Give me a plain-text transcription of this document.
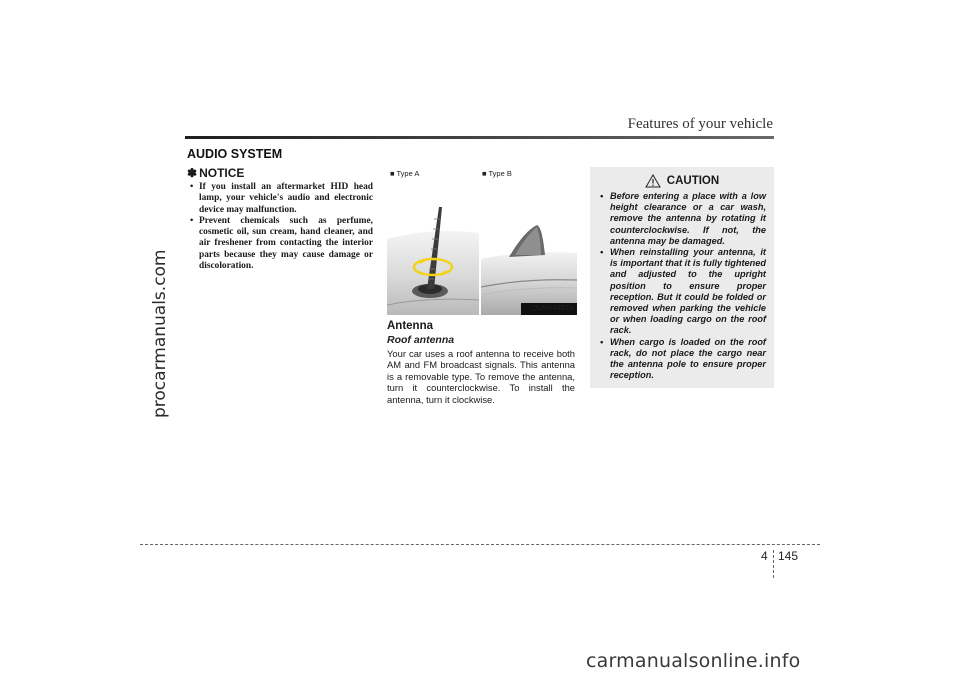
procarmanuals.com
Features of your vehicle
AUDIO SYSTEM
✽ NOTICE
• If you install an aftermarket HID head lamp, your vehicle's audio and electronic device may malfunction.
• Prevent chemicals such as perfume, cosmetic oil, sun cream, hand cleaner, and air freshener from contacting the interior parts because they may cause damage or discoloration.
■ Type A	■ Type B
OLM043373
Antenna
Roof antenna

Your car uses a roof antenna to receive both AM and FM broadcast signals. This antenna is a removable type. To remove the antenna, turn it counterclockwise. To install the antenna, turn it clockwise.

CAUTION
• Before entering a place with a low height clearance or a car wash, remove the antenna by rotating it counterclockwise. If not, the antenna may be damaged.
• When reinstalling your antenna, it is important that it is fully tightened and adjusted to the upright position to ensure proper reception. But it could be folded or removed when parking the vehicle or when loading cargo on the roof rack.
• When cargo is loaded on the roof rack, do not place the cargo near the antenna pole to ensure proper reception.
4 145
carmanualsonline.info
